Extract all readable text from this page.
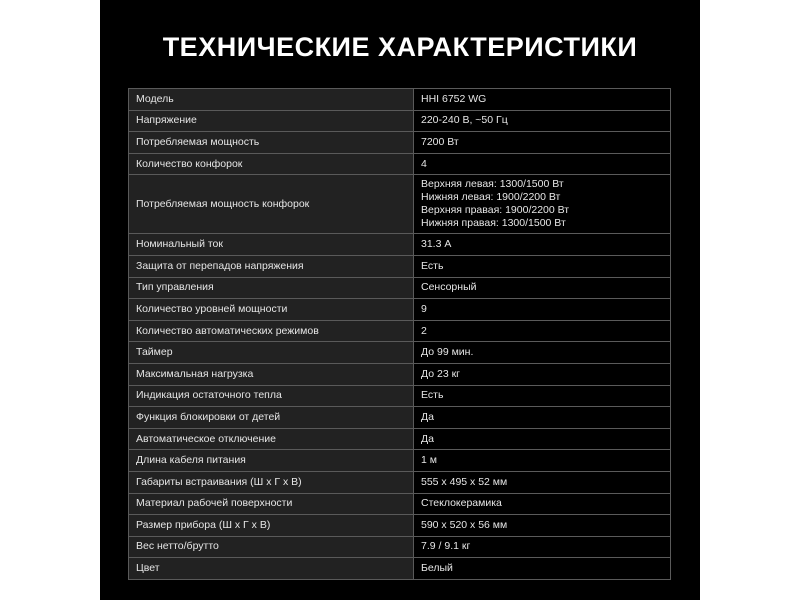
ТЕХНИЧЕСКИЕ ХАРАКТЕРИСТИКИ
Модель	HHI 6752 WG
Напряжение	220-240 В, ~50 Гц
Потребляемая мощность	7200 Вт
Количество конфорок	4
Потребляемая мощность конфорок	Верхняя левая: 1300/1500 Вт
Нижняя левая: 1900/2200 Вт
Верхняя правая: 1900/2200 Вт
Нижняя правая: 1300/1500 Вт

Номинальный ток	31.3 А
Защита от перепадов напряжения	Есть
Тип управления	Сенсорный
Количество уровней мощности	9
Количество автоматических режимов	2
Таймер	До 99 мин.
Максимальная нагрузка	До 23 кг
Индикация остаточного тепла	Есть
Функция блокировки от детей	Да
Автоматическое отключение	Да
Длина кабеля питания	1 м
Габариты встраивания (Ш х Г х В)	555 х 495 х 52 мм
Материал рабочей поверхности	Стеклокерамика
Размер прибора (Ш х Г х В)	590 х 520 х 56 мм
Вес нетто/брутто	7.9 / 9.1 кг
Цвет	Белый
